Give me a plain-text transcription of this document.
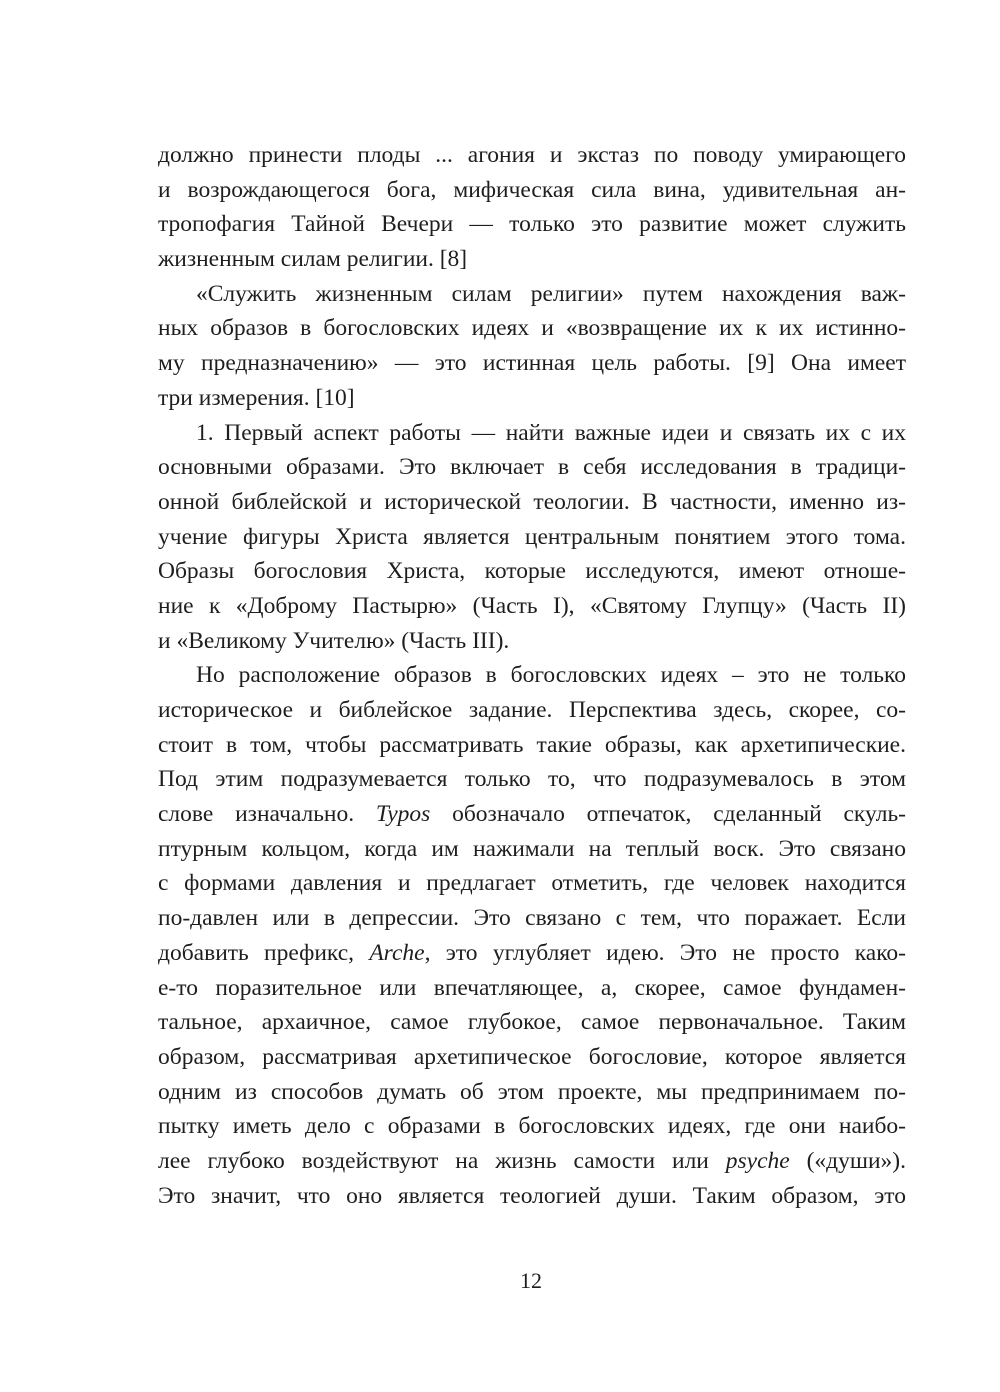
должно принести плоды ... агония и экстаз по поводу умирающего
и возрождающегося бога, мифическая сила вина, удивительная ан-
тропофагия Тайной Вечери — только это развитие может служить
жизненным силам религии. [8]
«Служить жизненным силам религии» путем нахождения важ-
ных образов в богословских идеях и «возвращение их к их истинно-
му предназначению» — это истинная цель работы. [9] Она имеет
три измерения. [10]
1. Первый аспект работы — найти важные идеи и связать их с их
основными образами. Это включает в себя исследования в традици-
онной библейской и исторической теологии. В частности, именно из-
учение фигуры Христа является центральным понятием этого тома.
Образы богословия Христа, которые исследуются, имеют отноше-
ние к «Доброму Пастырю» (Часть I), «Святому Глупцу» (Часть II)
и «Великому Учителю» (Часть III).
Но расположение образов в богословских идеях – это не только
историческое и библейское задание. Перспектива здесь, скорее, со-
стоит в том, чтобы рассматривать такие образы, как архетипические.
Под этим подразумевается только то, что подразумевалось в этом
слове изначально. Typos обозначало отпечаток, сделанный скуль-
птурным кольцом, когда им нажимали на теплый воск. Это связано
с формами давления и предлагает отметить, где человек находится
по-давлен или в депрессии. Это связано с тем, что поражает. Если
добавить префикс, Arche, это углубляет идею. Это не просто како-
е-то поразительное или впечатляющее, а, скорее, самое фундамен-
тальное, архаичное, самое глубокое, самое первоначальное. Таким
образом, рассматривая архетипическое богословие, которое является
одним из способов думать об этом проекте, мы предпринимаем по-
пытку иметь дело с образами в богословских идеях, где они наибо-
лее глубоко воздействуют на жизнь самости или psyche («души»).
Это значит, что оно является теологией души. Таким образом, это
12
